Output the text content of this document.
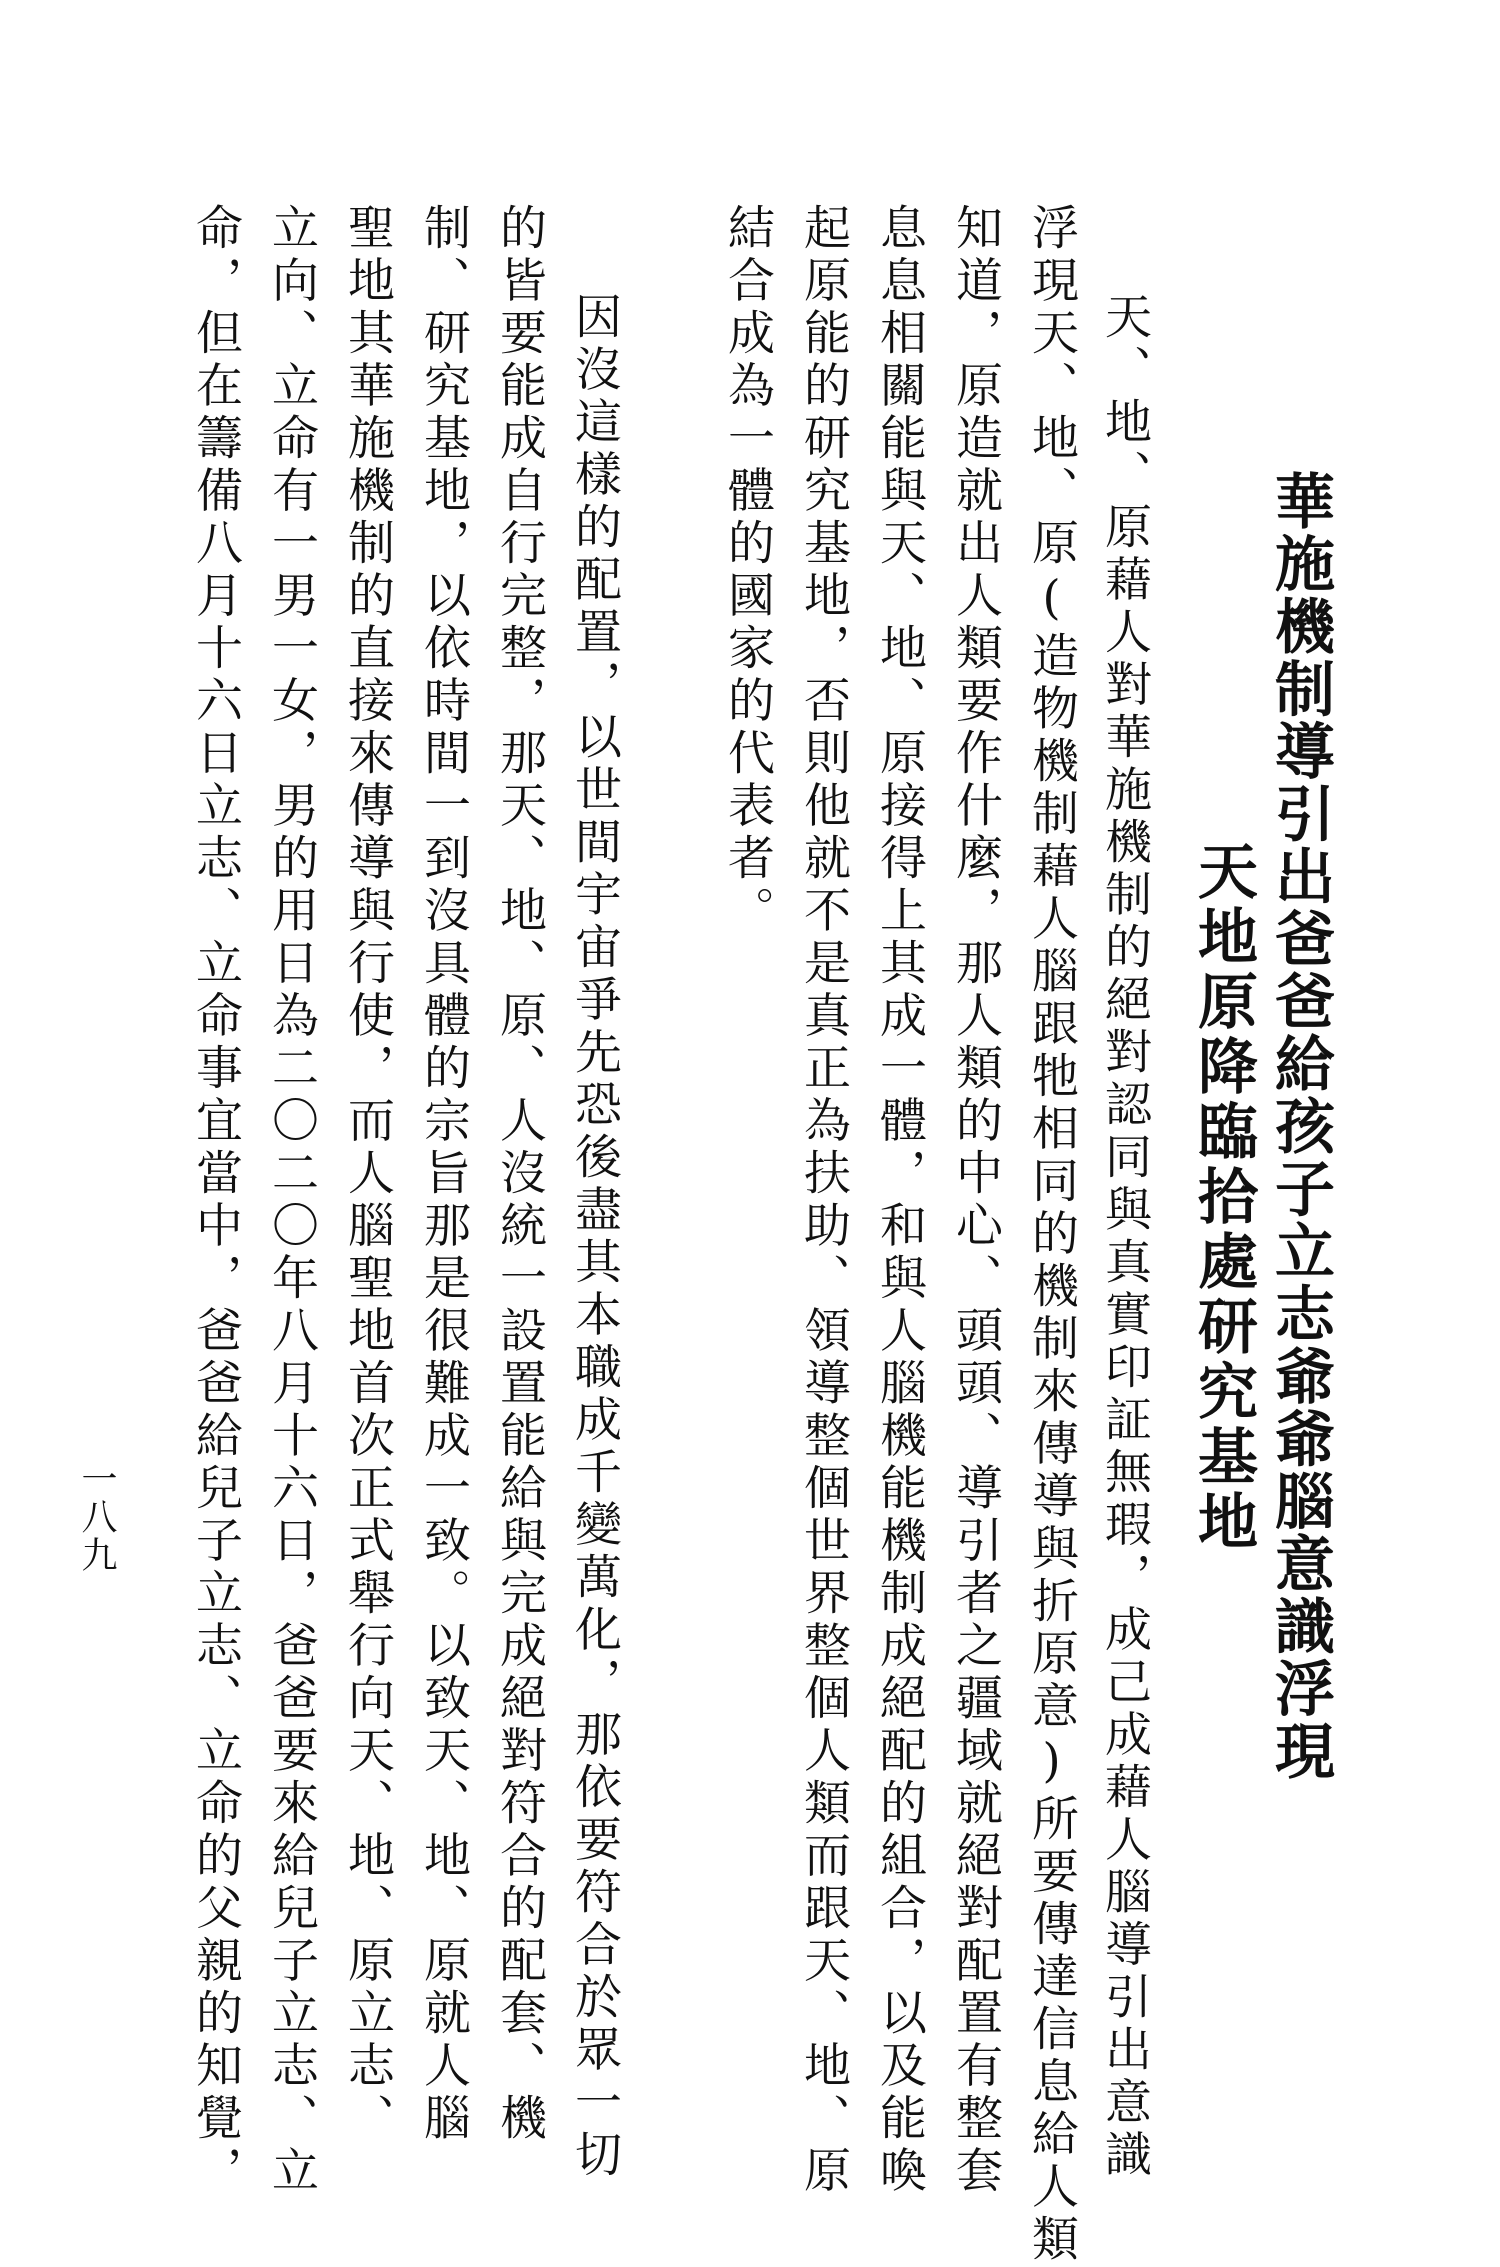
華施機制導引出爸爸給孩子立志爺爺腦意識浮現
天地原降臨拾處研究基地
天、地、原藉人對華施機制的絕對認同與真實印証無瑕，成己成藉人腦導引出意識
浮現天、地、原(造物機制藉人腦跟牠相同的機制來傳導與折原意)所要傳達信息給人類
知道，原造就出人類要作什麼，那人類的中心、頭頭、導引者之疆域就絕對配置有整套
息息相關能與天、地、原接得上其成一體，和與人腦機能機制成絕配的組合，以及能喚
起原能的研究基地，否則他就不是真正為扶助、領導整個世界整個人類而跟天、地、原
結合成為一體的國家的代表者。
因沒這樣的配置，以世間宇宙爭先恐後盡其本職成千變萬化，那依要符合於眾一切
的皆要能成自行完整，那天、地、原、人沒統一設置能給與完成絕對符合的配套、機
制、研究基地，以依時間一到沒具體的宗旨那是很難成一致。以致天、地、原就人腦
聖地其華施機制的直接來傳導與行使，而人腦聖地首次正式舉行向天、地、原立志、
立向、立命有一男一女，男的用日為二〇二〇年八月十六日，爸爸要來給兒子立志、立
命，但在籌備八月十六日立志、立命事宜當中，爸爸給兒子立志、立命的父親的知覺，
一八九
